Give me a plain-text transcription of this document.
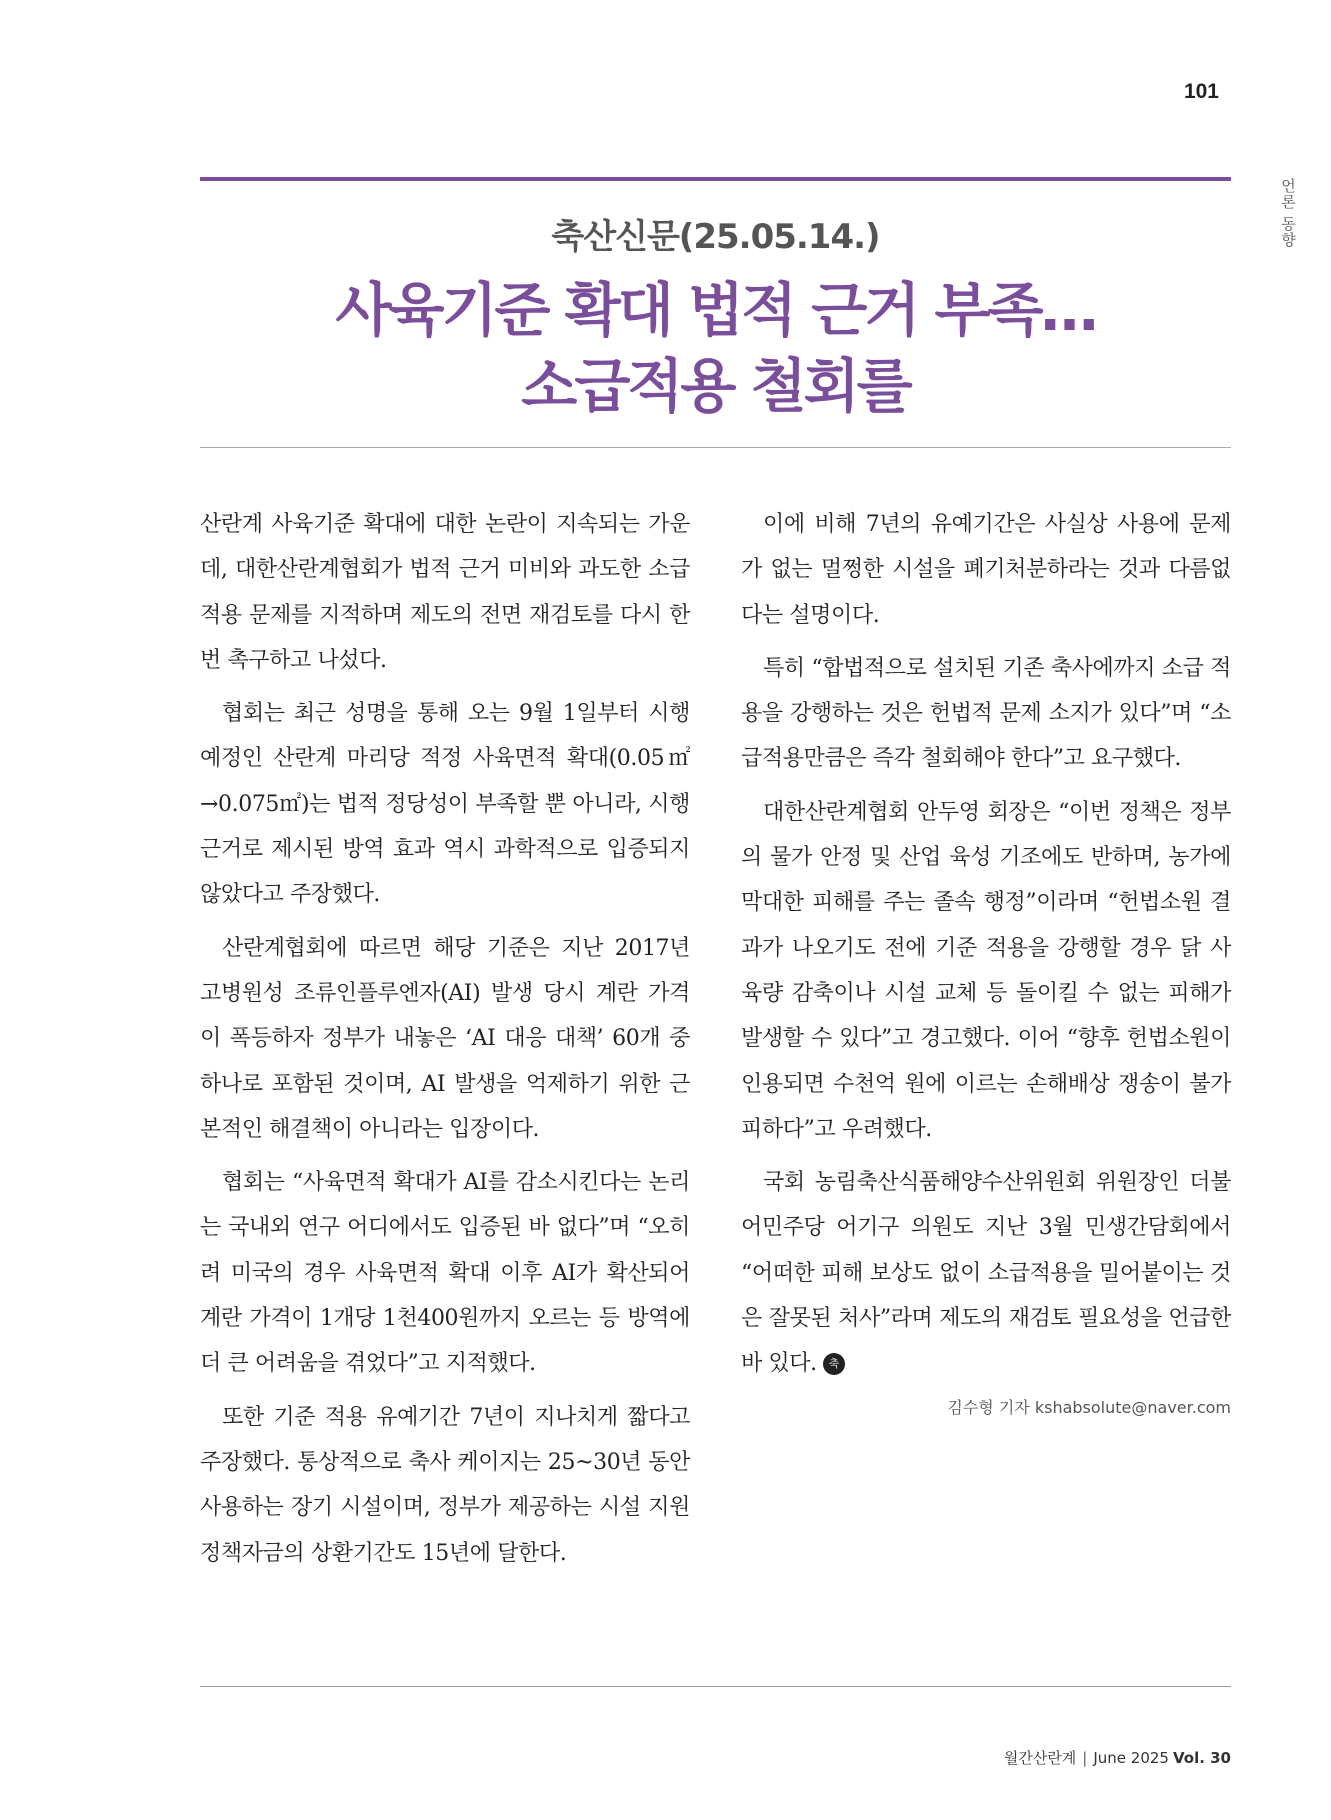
101
언론 동향
축산신문(25.05.14.)
사육기준 확대 법적 근거 부족…
소급적용 철회를

산란계 사육기준 확대에 대한 논란이 지속되는 가운데, 대한산란계협회가 법적 근거 미비와 과도한 소급적용 문제를 지적하며 제도의 전면 재검토를 다시 한 번 촉구하고 나섰다.

협회는 최근 성명을 통해 오는 9월 1일부터 시행 예정인 산란계 마리당 적정 사육면적 확대(0.05㎡→0.075㎡)는 법적 정당성이 부족할 뿐 아니라, 시행 근거로 제시된 방역 효과 역시 과학적으로 입증되지 않았다고 주장했다.

산란계협회에 따르면 해당 기준은 지난 2017년 고병원성 조류인플루엔자(AI) 발생 당시 계란 가격이 폭등하자 정부가 내놓은 ‘AI 대응 대책’ 60개 중 하나로 포함된 것이며, AI 발생을 억제하기 위한 근본적인 해결책이 아니라는 입장이다.

협회는 “사육면적 확대가 AI를 감소시킨다는 논리는 국내외 연구 어디에서도 입증된 바 없다”며 “오히려 미국의 경우 사육면적 확대 이후 AI가 확산되어 계란 가격이 1개당 1천400원까지 오르는 등 방역에 더 큰 어려움을 겪었다”고 지적했다.

또한 기준 적용 유예기간 7년이 지나치게 짧다고 주장했다. 통상적으로 축사 케이지는 25~30년 동안 사용하는 장기 시설이며, 정부가 제공하는 시설 지원 정책자금의 상환기간도 15년에 달한다.

이에 비해 7년의 유예기간은 사실상 사용에 문제가 없는 멀쩡한 시설을 폐기처분하라는 것과 다름없다는 설명이다.

특히 “합법적으로 설치된 기존 축사에까지 소급 적용을 강행하는 것은 헌법적 문제 소지가 있다”며 “소급적용만큼은 즉각 철회해야 한다”고 요구했다.

대한산란계협회 안두영 회장은 “이번 정책은 정부의 물가 안정 및 산업 육성 기조에도 반하며, 농가에 막대한 피해를 주는 졸속 행정”이라며 “헌법소원 결과가 나오기도 전에 기준 적용을 강행할 경우 닭 사육량 감축이나 시설 교체 등 돌이킬 수 없는 피해가 발생할 수 있다”고 경고했다. 이어 “향후 헌법소원이 인용되면 수천억 원에 이르는 손해배상 쟁송이 불가피하다”고 우려했다.

국회 농림축산식품해양수산위원회 위원장인 더불어민주당 어기구 의원도 지난 3월 민생간담회에서 “어떠한 피해 보상도 없이 소급적용을 밀어붙이는 것은 잘못된 처사”라며 제도의 재검토 필요성을 언급한 바 있다. 축

김수형 기자 kshabsolute@naver.com
월간산란계 | June 2025 Vol. 30
